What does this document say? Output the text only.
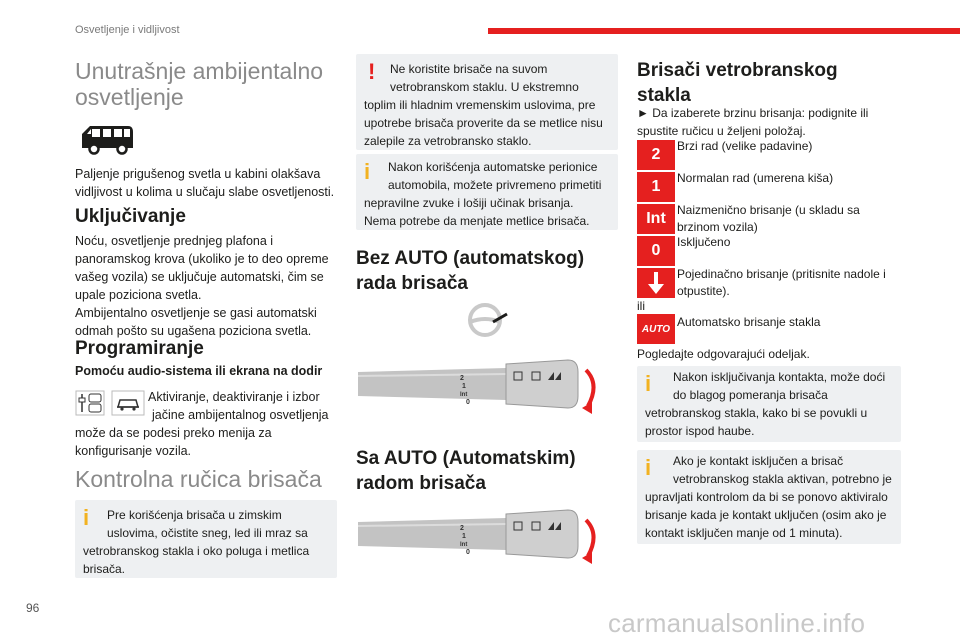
Osvetljenje i vidljivost
Unutrašnje ambijentalno
osvetljenje
Paljenje prigušenog svetla u kabini olakšava
vidljivost u kolima u slučaju slabe osvetljenosti.
Uključivanje
Noću, osvetljenje prednjeg plafona i
panoramskog krova (ukoliko je to deo opreme
vašeg vozila) se uključuje automatski, čim se
upale poziciona svetla.
Ambijentalno osvetljenje se gasi automatski
odmah pošto su ugašena poziciona svetla.
Programiranje
Pomoću audio-sistema ili ekrana na dodir
Aktiviranje, deaktiviranje i izbor
jačine ambijentalnog osvetljenja
može da se podesi preko menija za
konfigurisanje vozila.
Kontrolna ručica brisača
i	Pre korišćenja brisača u zimskim
uslovima, očistite sneg, led ili mraz sa
vetrobranskog stakla i oko poluga i metlica
brisača.
!	Ne koristite brisače na suvom
vetrobranskom staklu. U ekstremno
toplim ili hladnim vremenskim uslovima, pre
upotrebe brisača proverite da se metlice nisu
zalepile za vetrobransko staklo.
i	Nakon korišćenja automatske perionice
automobila, možete privremeno primetiti
nepravilne zvuke i lošiji učinak brisanja.
Nema potrebe da menjate metlice brisača.
Bez AUTO (automatskog)
rada brisača
2
1
Int
0
Sa AUTO (Automatskim)
radom brisača
2
1
Int
0
Brisači vetrobranskog
stakla
► Da izaberete brzinu brisanja: podignite ili
spustite ručicu u željeni položaj.
2	Brzi rad (velike padavine)
1	Normalan rad (umerena kiša)
Int Naizmenično brisanje (u skladu sa
brzinom vozila)
0	Isključeno
Pojedinačno brisanje (pritisnite nadole i
otpustite).
ili
AUTO Automatsko brisanje stakla
Pogledajte odgovarajući odeljak.
i	Nakon isključivanja kontakta, može doći
do blagog pomeranja brisača
vetrobranskog stakla, kako bi se povukli u
prostor ispod haube.
i	Ako je kontakt isključen a brisač
vetrobranskog stakla aktivan, potrebno je
upravljati kontrolom da bi se ponovo aktiviralo
brisanje kada je kontakt uključen (osim ako je
kontakt isključen manje od 1 minuta).
96	carmanualsonline.info
